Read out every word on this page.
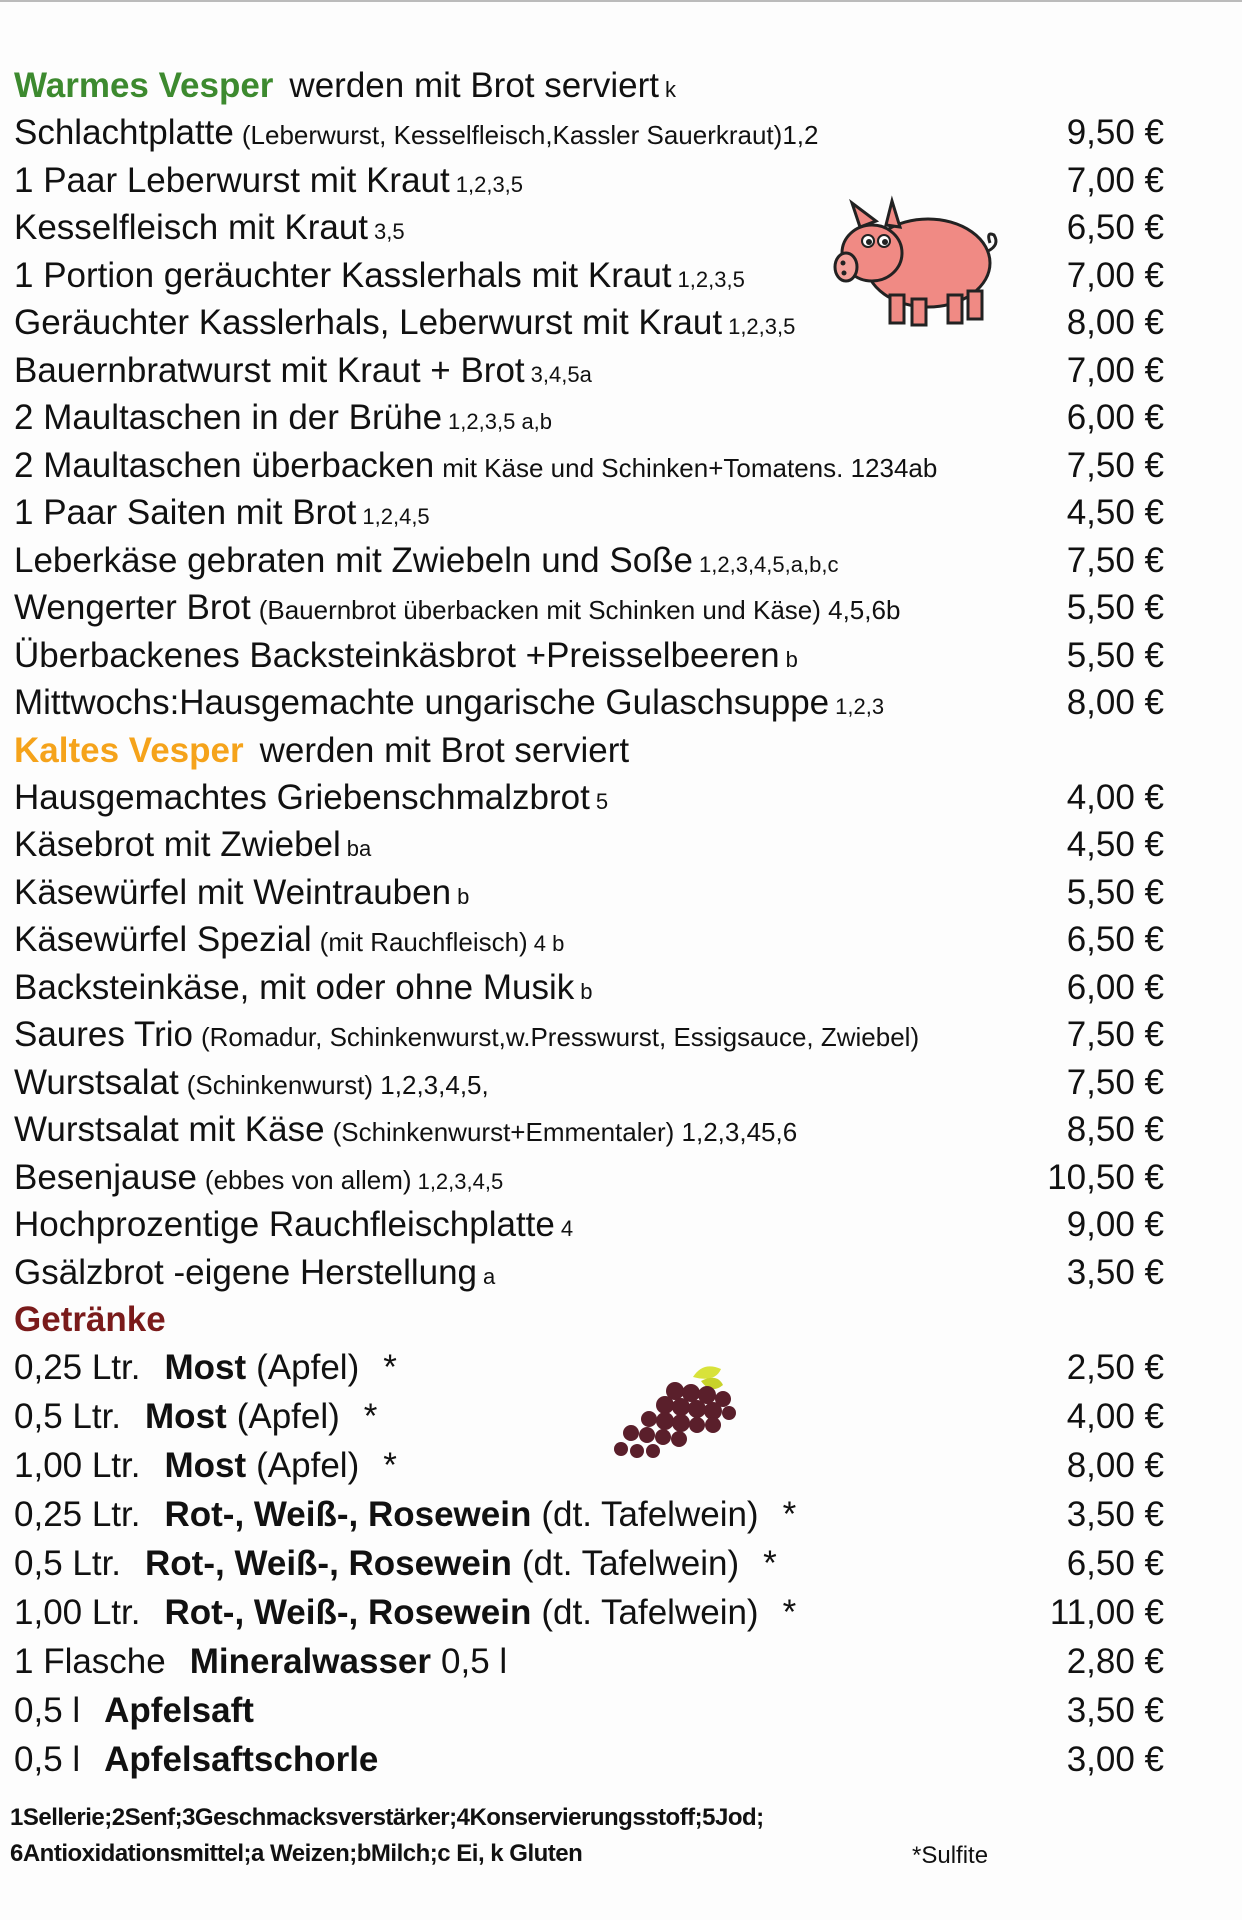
Warmes Vesper werden mit Brot serviert k
Schlachtplatte (Leberwurst, Kesselfleisch,Kassler Sauerkraut)1,2	9,50 €
1 Paar Leberwurst mit Kraut 1,2,3,5	7,00 €
Kesselfleisch mit Kraut 3,5	6,50 €
1 Portion geräuchter Kasslerhals mit Kraut 1,2,3,5	7,00 €
Geräuchter Kasslerhals, Leberwurst mit Kraut 1,2,3,5	8,00 €
Bauernbratwurst mit Kraut + Brot 3,4,5a	7,00 €
2 Maultaschen in der Brühe 1,2,3,5 a,b	6,00 €
2 Maultaschen überbacken mit Käse und Schinken+Tomatens. 1234ab	7,50 €
1 Paar Saiten mit Brot 1,2,4,5	4,50 €
Leberkäse gebraten mit Zwiebeln und Soße 1,2,3,4,5,a,b,c	7,50 €
Wengerter Brot (Bauernbrot überbacken mit Schinken und Käse) 4,5,6b	5,50 €
Überbackenes Backsteinkäsbrot +Preisselbeeren b	5,50 €
Mittwochs:Hausgemachte ungarische Gulaschsuppe 1,2,3	8,00 €
Kaltes Vesper werden mit Brot serviert
Hausgemachtes Griebenschmalzbrot 5	4,00 €
Käsebrot mit Zwiebel ba	4,50 €
Käsewürfel mit Weintrauben b	5,50 €
Käsewürfel Spezial (mit Rauchfleisch) 4 b	6,50 €
Backsteinkäse, mit oder ohne Musik b	6,00 €
Saures Trio (Romadur, Schinkenwurst,w.Presswurst, Essigsauce, Zwiebel)	7,50 €
Wurstsalat (Schinkenwurst) 1,2,3,4,5,	7,50 €
Wurstsalat mit Käse (Schinkenwurst+Emmentaler) 1,2,3,45,6	8,50 €
Besenjause (ebbes von allem) 1,2,3,4,5	10,50 €
Hochprozentige Rauchfleischplatte 4	9,00 €
Gsälzbrot -eigene Herstellung a	3,50 €
Getränke
0,25 Ltr. Most (Apfel) *	2,50 €
0,5 Ltr. Most (Apfel) *	4,00 €
1,00 Ltr. Most (Apfel) *	8,00 €
0,25 Ltr. Rot-, Weiß-, Rosewein (dt. Tafelwein) *	3,50 €
0,5 Ltr. Rot-, Weiß-, Rosewein (dt. Tafelwein) *	6,50 €
1,00 Ltr. Rot-, Weiß-, Rosewein (dt. Tafelwein) *	11,00 €
1 Flasche Mineralwasser 0,5 l	2,80 €
0,5 l Apfelsaft	3,50 €
0,5 l Apfelsaftschorle	3,00 €
1Sellerie;2Senf;3Geschmacksverstärker;4Konservierungsstoff;5Jod;
6Antioxidationsmittel;a Weizen;bMilch;c Ei, k Gluten	*Sulfite
